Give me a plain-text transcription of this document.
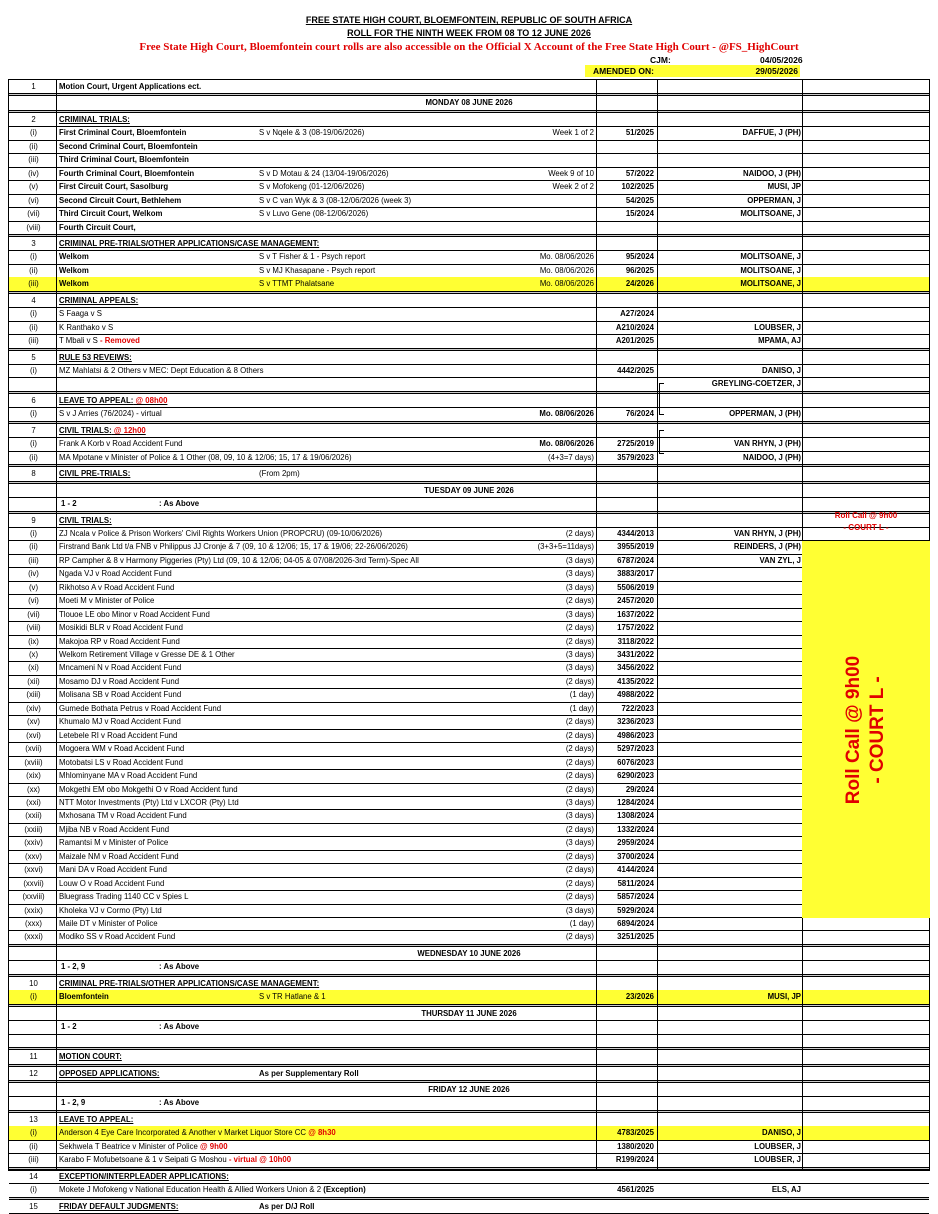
FREE STATE HIGH COURT, BLOEMFONTEIN, REPUBLIC OF SOUTH AFRICA
ROLL FOR THE NINTH WEEK FROM 08 TO 12 JUNE 2026
Free State High Court, Bloemfontein court rolls are also accessible on the Official X Account of the Free State High Court - @FS_HighCourt
CJM:	04/05/2026
AMENDED ON:	29/05/2026
1	Motion Court, Urgent Applications ect.
MONDAY 08 JUNE 2026
2	CRIMINAL TRIALS:
(i)	First Criminal Court, Bloemfontein	S v Nqele & 3 (08-19/06/2026)	Week 1 of 2	51/2025	DAFFUE, J (PH)
(ii)	Second Criminal Court, Bloemfontein
(iii)	Third Criminal Court, Bloemfontein
(iv)	Fourth Criminal Court, Bloemfontein	S v D Motau & 24 (13/04-19/06/2026)	Week 9 of 10	57/2022	NAIDOO, J (PH)
(v)	First Circuit Court, Sasolburg	S v Mofokeng (01-12/06/2026)	Week 2 of 2	102/2025	MUSI, JP
(vi)	Second Circuit Court, Bethlehem	S v C van Wyk & 3 (08-12/06/2026 (week 3)	54/2025	OPPERMAN, J
(vii)	Third Circuit Court, Welkom	S v Luvo Gene (08-12/06/2026)	15/2024	MOLITSOANE, J
(viii)	Fourth Circuit Court,
3	CRIMINAL PRE-TRIALS/OTHER APPLICATIONS/CASE MANAGEMENT:
(i)	Welkom	S v T Fisher & 1 - Psych report	Mo. 08/06/2026	95/2024	MOLITSOANE, J
(ii)	Welkom	S v MJ Khasapane - Psych report	Mo. 08/06/2026	96/2025	MOLITSOANE, J
(iii)	Welkom	S v TTMT Phalatsane	Mo. 08/06/2026	24/2026	MOLITSOANE, J
4	CRIMINAL APPEALS:
(i)	S Faaga v S	A27/2024
(ii)	K Ranthako v S	A210/2024	LOUBSER, J
(iii)	T Mbali v S - Removed	A201/2025	MPAMA, AJ
5	RULE 53 REVEIWS:
(i)	MZ Mahlatsi & 2 Others v MEC: Dept Education & 8 Others	4442/2025	DANISO, J
GREYLING-COETZER, J
6	LEAVE TO APPEAL: @ 08h00
(i)	S v J Arries (76/2024) - virtual	Mo. 08/06/2026	76/2024	OPPERMAN, J (PH)
7	CIVIL TRIALS: @ 12h00
(i)	Frank A Korb v Road Accident Fund	Mo. 08/06/2026	2725/2019	VAN RHYN, J (PH)
(ii)	MA Mpotane v Minister of Police & 1 Other (08, 09, 10 & 12/06; 15, 17 & 19/06/2026)	(4+3=7 days)	3579/2023	NAIDOO, J (PH)
8	CIVIL PRE-TRIALS:	(From 2pm)
TUESDAY 09 JUNE 2026
1 - 2	: As Above
9	CIVIL TRIALS:
(i)	ZJ Ncala v Police & Prison Workers' Civil Rights Workers Union (PROPCRU) (09-10/06/2026)	(2 days)	4344/2013	VAN RHYN, J (PH)
(ii)	Firstrand Bank Ltd t/a FNB v Philippus JJ Cronje & 7 (09, 10 & 12/06; 15, 17 & 19/06; 22-26/06/2026)	(3+3+5=11days)	3955/2019	REINDERS, J (PH)
(iii)	RP Campher & 8 v Harmony Piggeries (Pty) Ltd (09, 10 & 12/06; 04-05 & 07/08/2026-3rd Term)-Spec All	(3 days)	6787/2024	VAN ZYL, J
(iv)	Ngada VJ v Road Accident Fund	(3 days)	3883/2017
(v)	Rikhotso A v Road Accident Fund	(3 days)	5506/2019
(vi)	Moeti M v Minister of Police	(2 days)	2457/2020
(vii)	Tlouoe LE obo Minor v Road Accident Fund	(3 days)	1637/2022
(viii)	Mosikidi BLR v Road Accident Fund	(2 days)	1757/2022
(ix)	Makojoa RP v Road Accident Fund	(2 days)	3118/2022
(x)	Welkom Retirement Village v Gresse DE & 1 Other	(3 days)	3431/2022
(xi)	Mncameni N v Road Accident Fund	(3 days)	3456/2022
(xii)	Mosamo DJ v Road Accident Fund	(2 days)	4135/2022
(xiii)	Molisana SB v Road Accident Fund	(1 day)	4988/2022
(xiv)	Gumede Bothata Petrus v Road Accident Fund	(1 day)	722/2023
(xv)	Khumalo MJ v Road Accident Fund	(2 days)	3236/2023
(xvi)	Letebele RI v Road Accident Fund	(2 days)	4986/2023
(xvii)	Mogoera WM v Road Accident Fund	(2 days)	5297/2023
(xviii)	Motobatsi LS v Road Accident Fund	(2 days)	6076/2023
(xix)	Mhlominyane MA v Road Accident Fund	(2 days)	6290/2023
(xx)	Mokgethi EM obo Mokgethi O v Road Accident fund	(2 days)	29/2024
(xxi)	NTT Motor Investments (Pty) Ltd v LXCOR (Pty) Ltd	(3 days)	1284/2024
(xxii)	Mxhosana TM v Road Accident Fund	(3 days)	1308/2024
(xxiii)	Mjiba NB v Road Accident Fund	(2 days)	1332/2024
(xxiv)	Ramantsi M v Minister of Police	(3 days)	2959/2024
(xxv)	Maizale NM v Road Accident Fund	(2 days)	3700/2024
(xxvi)	Mani DA v Road Accident Fund	(2 days)	4144/2024
(xxvii)	Louw O v Road Accident Fund	(2 days)	5811/2024
(xxviii)	Bluegrass Trading 1140 CC v Spies L	(2 days)	5857/2024
(xxix)	Kholeka VJ v Cormo (Pty) Ltd	(3 days)	5929/2024
(xxx)	Maile DT v Minister of Police	(1 day)	6894/2024
(xxxi)	Modiko SS v Road Accident Fund	(2 days)	3251/2025
WEDNESDAY 10 JUNE 2026
1 - 2, 9	: As Above
10	CRIMINAL PRE-TRIALS/OTHER APPLICATIONS/CASE MANAGEMENT:
(i)	Bloemfontein	S v TR Hatlane & 1	23/2026	MUSI, JP
THURSDAY 11 JUNE 2026
1 - 2	: As Above
11	MOTION COURT:
12	OPPOSED APPLICATIONS:	As per Supplementary Roll
FRIDAY 12 JUNE 2026
1 - 2, 9	: As Above
13	LEAVE TO APPEAL:
(i)	Anderson 4 Eye Care Incorporated & Another v Market Liquor Store CC @ 8h30	4783/2025	DANISO, J
(ii)	Sekhwela T Beatrice v Minister of Police @ 9h00	1380/2020	LOUBSER, J
(iii)	Karabo F Mofubetsoane & 1 v Seipati G Moshou - virtual @ 10h00	R199/2024	LOUBSER, J
14	EXCEPTION/INTERPLEADER APPLICATIONS:
(i)	Mokete J Mofokeng v National Education Health & Allied Workers Union & 2 (Exception)	4561/2025	ELS, AJ
15	FRIDAY DEFAULT JUDGMENTS:	As per D/J Roll
Roll Call @ 9h00
- COURT L -
Roll Call @ 9h00 - COURT L -
